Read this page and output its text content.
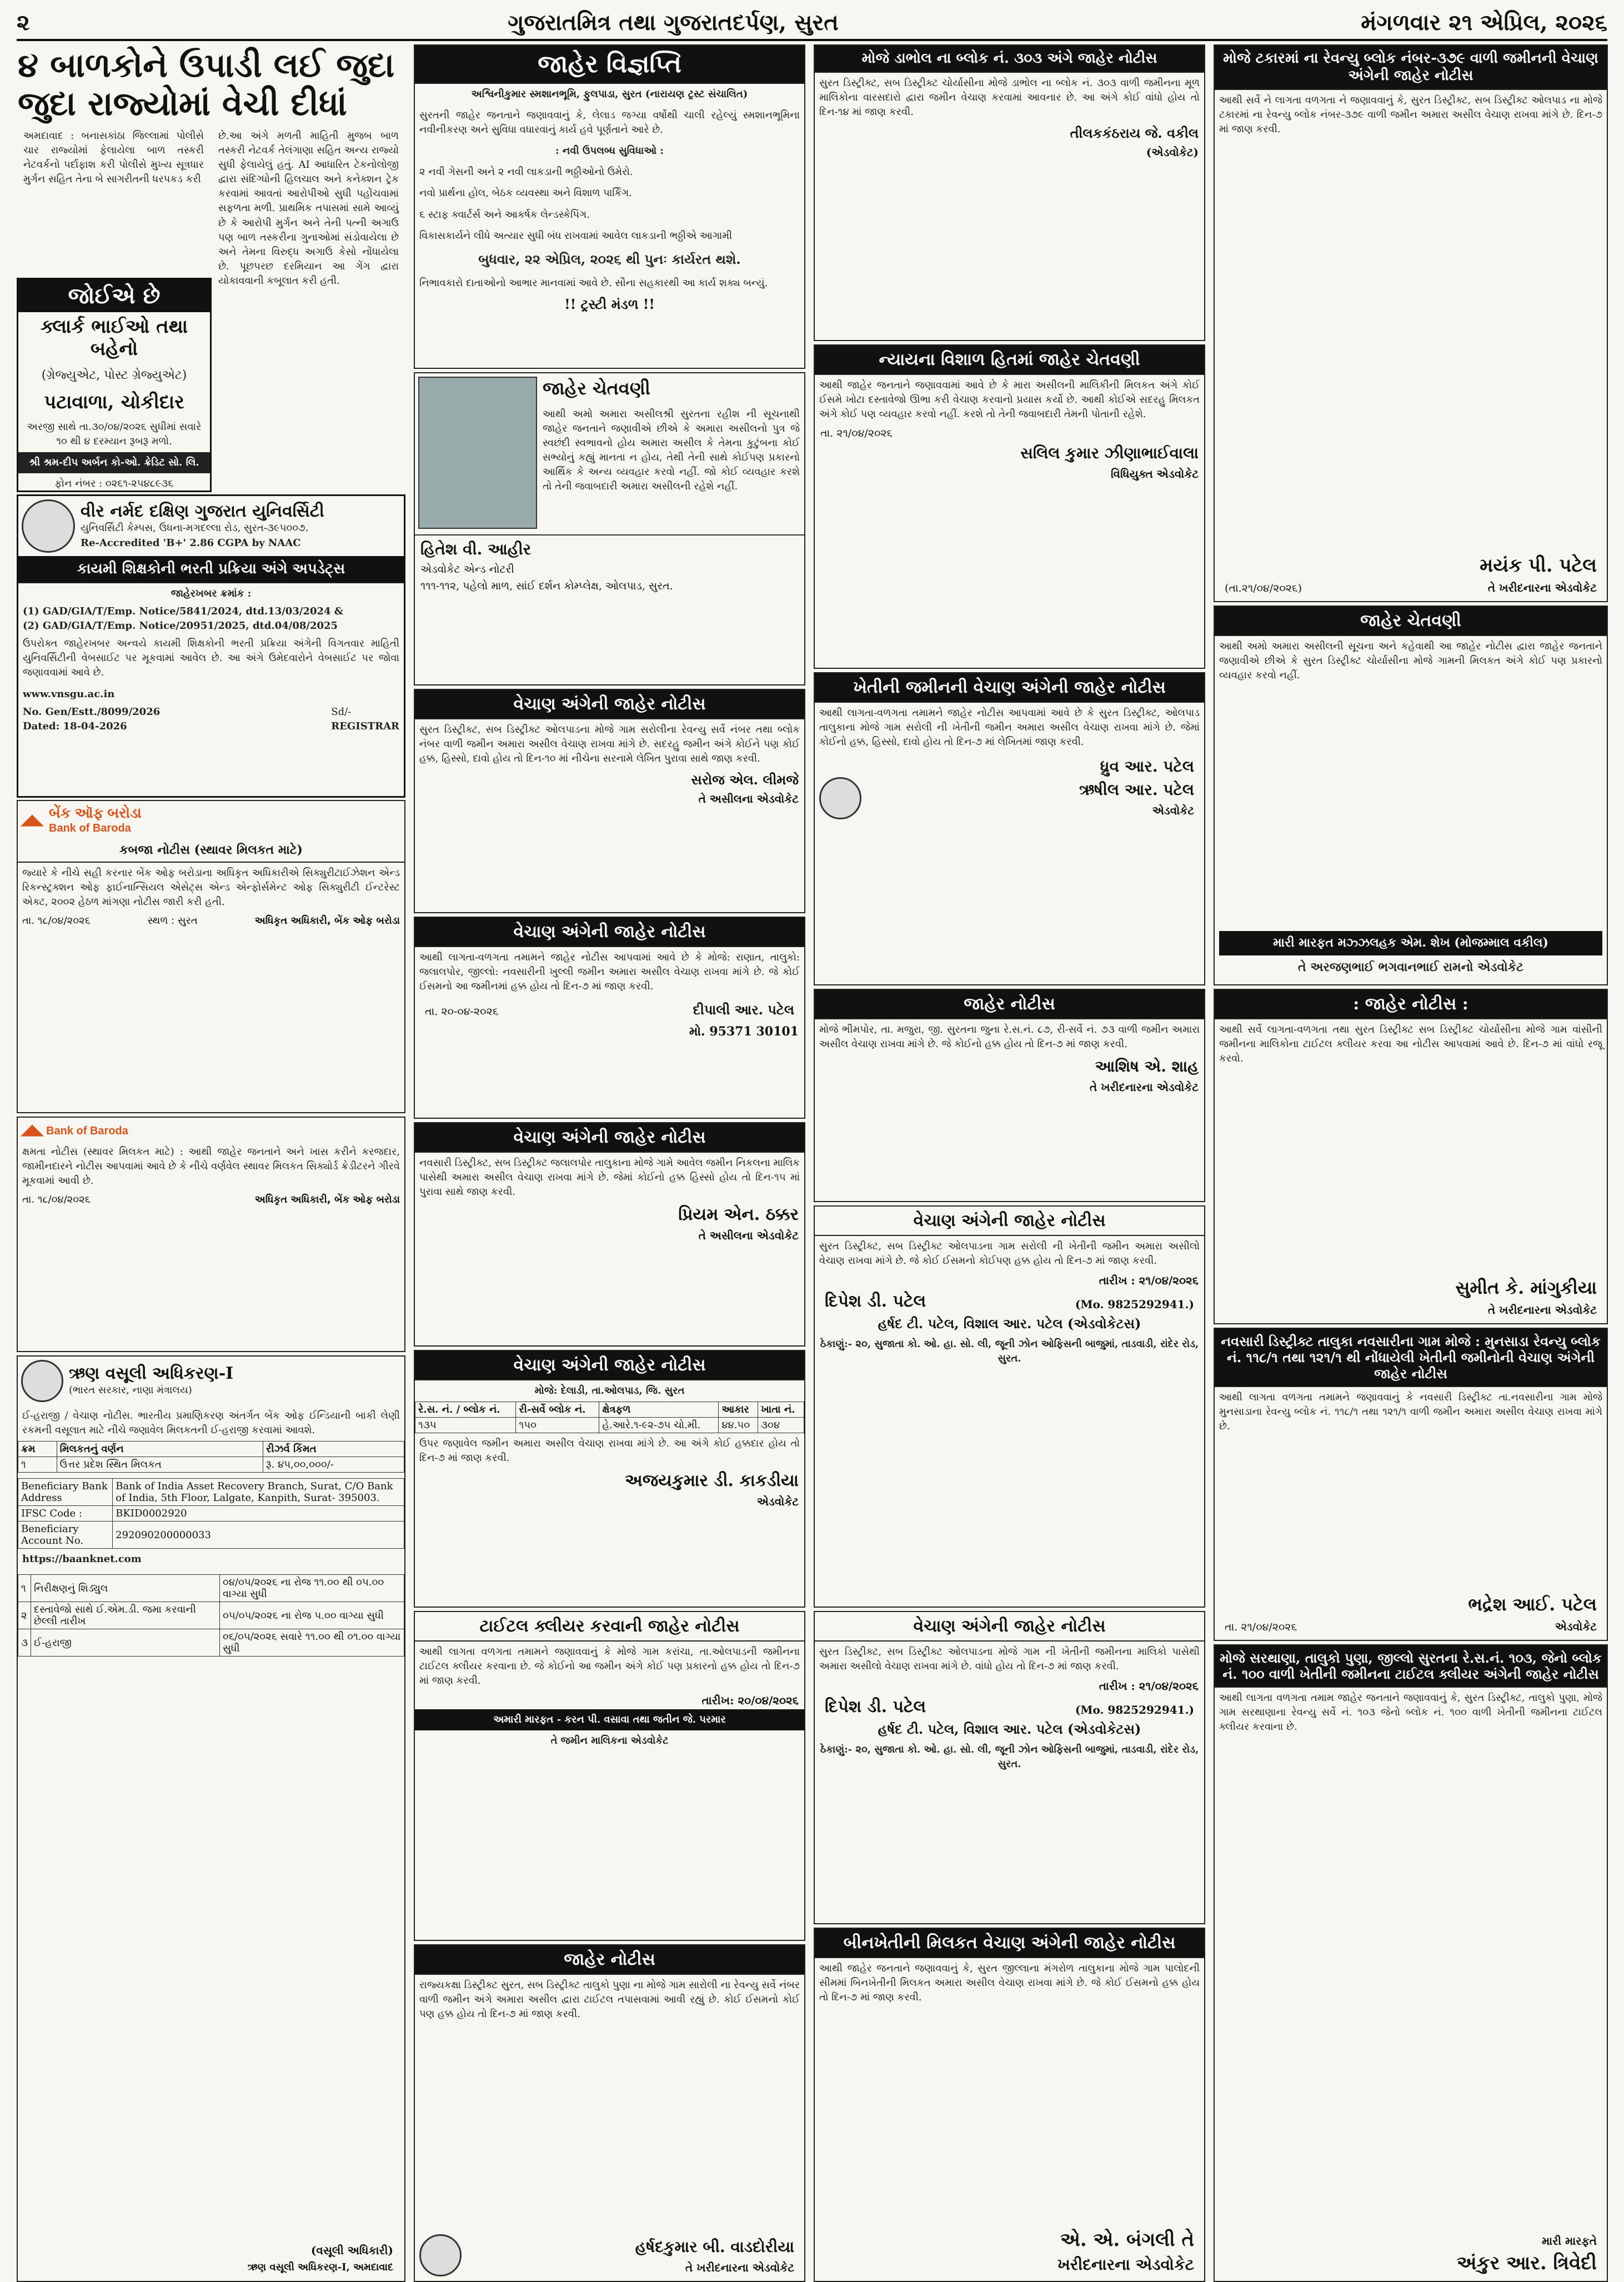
૨	ગુજરાતમિત્ર તથા ગુજરાતદર્પણ, સુરત	મંગળવાર ૨૧ એપ્રિલ, ૨૦૨૬
૪ બાળકોને ઉપાડી લઈ જુદા જુદા રાજ્યોમાં વેચી દીધાં
અમદાવાદ : બનાસકાંઠા જિલ્લામાં પોલીસે ચાર રાજ્યોમાં ફેલાયેલા બાળ તસ્કરી નેટવર્કનો પર્દાફાશ કરી પોલીસે મુખ્ય સૂત્રધાર મુર્ગન સહિત તેના બે સાગરીતની ધરપકડ કરી
છે.આ અંગે મળતી માહિતી મુજબ બાળ તસ્કરી નેટવર્ક તેલંગાણા સહિત અન્ય રાજ્યો સુધી ફેલાયેલું હતું. AI આધારિત ટેકનોલોજી દ્વારા સંદિગ્ધોની હિલચાલ અને કનેક્શન ટ્રેક કરવામાં આવતાં આરોપીઓ સુધી પહોંચવામાં સફળતા મળી. પ્રાથમિક તપાસમાં સામે આવ્યું છે કે આરોપી મુર્ગન અને તેની પત્ની અગાઉ પણ બાળ તસ્કરીના ગુનાઓમાં સંડોવાયેલા છે અને તેમના વિરુદ્ધ અગાઉ કેસો નોંધાયેલા છે. પૂછપરછ દરમિયાન આ ગેંગ દ્વારા યોકાવવાની કબૂલાત કરી હતી.
જોઈએ છે
ક્લાર્ક ભાઈઓ તથા બહેનો
(ગ્રેજ્યુએટ, પોસ્ટ ગ્રેજ્યુએટ)
પટાવાળા, ચોકીદાર
અરજી સાથે તા.૩૦/૦૪/૨૦૨૬ સુધીમાં સવારે ૧૦ થી ૪ દરમ્યાન રૂબરૂ મળો.
શ્રી શ્રમ-દીપ અર્બન કો-ઓ. ક્રેડિટ સો. લિ.
ફોન નંબર : ૦૨૬૧-૨૫૪૮૯૩૬
વીર નર્મદ દક્ષિણ ગુજરાત યુનિવર્સિટી
યુનિવર્સિટી કેમ્પસ, ઉધના-મગદલ્લા રોડ, સુરત-૩૯૫૦૦૭.
Re-Accredited 'B+' 2.86 CGPA by NAAC
કાયમી શિક્ષકોની ભરતી પ્રક્રિયા અંગે અપડેટ્સ
જાહેરખબર ક્રમાંક :
(1) GAD/GIA/T/Emp. Notice/5841/2024, dtd.13/03/2024 &
(2) GAD/GIA/T/Emp. Notice/20951/2025, dtd.04/08/2025
ઉપરોક્ત જાહેરખબર અન્વયે કાયમી શિક્ષકોની ભરતી પ્રક્રિયા અંગેની વિગતવાર માહિતી યુનિવર્સિટીની વેબસાઈટ પર મૂકવામાં આવેલ છે. આ અંગે ઉમેદવારોને વેબસાઈટ પર જોવા જણાવવામાં આવે છે.
www.vnsgu.ac.in
No. Gen/Estt./8099/2026
Dated: 18-04-2026
Sd/-
REGISTRAR
◢◣ બેંક ઑફ બરોડા
Bank of Baroda
કબજા નોટીસ (સ્થાવર મિલકત માટે)
જ્યારે કે નીચે સહી કરનાર બેંક ઓફ બરોડાના અધિકૃત અધિકારીએ સિક્યુરીટાઈઝેશન એન્ડ રિકન્સ્ટ્રક્શન ઓફ ફાઈનાન્સિયલ એસેટ્સ એન્ડ એન્ફોર્સમેન્ટ ઓફ સિક્યુરીટી ઈન્ટરેસ્ટ એક્ટ, ૨૦૦૨ હેઠળ માંગણા નોટીસ જારી કરી હતી.
તા. ૧૮/૦૪/૨૦૨૬	સ્થળ : સુરત	અધિકૃત અધિકારી, બેંક ઓફ બરોડા
◢◣ Bank of Baroda
ક્ષમતા નોટીસ (સ્થાવર મિલકત માટે) : આથી જાહેર જનતાને અને ખાસ કરીને કરજદાર, જામીનદારને નોટીસ આપવામાં આવે છે કે નીચે વર્ણવેલ સ્થાવર મિલકત સિક્યોર્ડ ક્રેડીટરને ગીરવે મૂકવામાં આવી છે.
તા. ૧૮/૦૪/૨૦૨૬	અધિકૃત અધિકારી, બેંક ઓફ બરોડા
ઋણ વસૂલી અધિકરણ-I
(ભારત સરકાર, નાણા મંત્રાલય)
ઈ-હરાજી / વેચાણ નોટીસ. ભારતીય પ્રમાણિકરણ અંતર્ગત બેંક ઓફ ઈન્ડિયાની બાકી લેણી રકમની વસૂલાત માટે નીચે જણાવેલ મિલકતની ઈ-હરાજી કરવામાં આવશે.
ક્રમ	મિલકતનું વર્ણન	રીઝર્વ કિંમત
૧	ઉત્તર પ્રદેશ સ્થિત મિલકત	રૂ. ૪૫,૦૦,૦૦૦/-
Beneficiary Bank Address	Bank of India Asset Recovery Branch, Surat, C/O Bank of India, 5th Floor, Lalgate, Kanpith, Surat- 395003.
IFSC Code :	BKID0002920
Beneficiary Account No.	292090200000033
https://baanknet.com
૧	નિરીક્ષણનું શિડ્યુલ	૦૪/૦૫/૨૦૨૬ ના રોજ ૧૧.૦૦ થી ૦૫.૦૦ વાગ્યા સુધી
૨	દસ્તાવેજો સાથે ઈ.એમ.ડી. જમા કરવાની છેલ્લી તારીખ	૦૫/૦૫/૨૦૨૬ ના રોજ ૫.૦૦ વાગ્યા સુધી
૩	ઈ-હરાજી	૦૬/૦૫/૨૦૨૬ સવારે ૧૧.૦૦ થી ૦૧.૦૦ વાગ્યા સુધી
(વસૂલી અધિકારી)
ઋણ વસૂલી અધિકરણ-I, અમદાવાદ
જાહેર વિજ્ઞપ્તિ
અશ્વિનીકુમાર સ્મશાનભૂમિ, ફુલપાડા, સુરત (નારાયણ ટ્રસ્ટ સંચાલિત)
સુરતની જાહેર જનતાને જણાવવાનું કે, લેલાડ જગ્યા વર્ષોથી ચાલી રહેલ્યું સ્મશાનભૂમિના નવીનીકરણ અને સુવિધા વધારવાનું કાર્ય હવે પૂર્ણતાને આરે છે.
: નવી ઉપલબ્ધ સુવિધાઓ :
૨ નવી ગેસની અને ૨ નવી લાકડાની ભઠ્ઠીઓનો ઉમેરો.
નવો પ્રાર્થના હોલ, બેઠક વ્યવસ્થા અને વિશાળ પાર્કિંગ.
૬ સ્ટાફ ક્વાર્ટર્સ અને આકર્ષક લેન્ડસ્કેપિંગ.
વિકાસકાર્યને લીધે અત્યાર સુધી બંધ રાખવામાં આવેલ લાકડાની ભઠ્ઠીએ આગામી
બુધવાર, ૨૨ એપ્રિલ, ૨૦૨૬ થી પુનઃ કાર્યરત થશે.
નિભાવકારો દાતાઓનો આભાર માનવામાં આવે છે. સૌના સહકારથી આ કાર્ય શક્ય બન્યું.
!! ટ્રસ્ટી મંડળ !!
જાહેર ચેતવણી
આથી અમો અમારા અસીલશ્રી સુરતના રહીશ ની સૂચનાથી જાહેર જનતાને જણાવીએ છીએ કે અમારા અસીલનો પુત્ર જે સ્વછંદી સ્વભાવનો હોય અમારા અસીલ કે તેમના કુટુંબના કોઈ સભ્યોનું કહ્યું માનતા ન હોય, તેથી તેની સાથે કોઈપણ પ્રકારનો આર્થિક કે અન્ય વ્યવહાર કરવો નહીં. જો કોઈ વ્યવહાર કરશે તો તેની જવાબદારી અમારા અસીલની રહેશે નહીં.
હિતેશ વી. આહીર
એડવોકેટ એન્ડ નોટરી
૧૧૧-૧૧૨, પહેલો માળ, સાંઈ દર્શન કોમ્પ્લેક્ષ, ઓલપાડ, સુરત.
વેચાણ અંગેની જાહેર નોટીસ
સુરત ડિસ્ટ્રીક્ટ, સબ ડિસ્ટ્રીક્ટ ઓલપાડના મોજે ગામ સરોલીના રેવન્યુ સર્વે નંબર તથા બ્લોક નંબર વાળી જમીન અમારા અસીલ વેચાણ રાખવા માંગે છે. સદરહુ જમીન અંગે કોઈને પણ કોઈ હક્ક, હિસ્સો, દાવો હોય તો દિન-૧૦ માં નીચેના સરનામે લેખિત પુરાવા સાથે જાણ કરવી.
સરોજ એલ. લીમજે
તે અસીલના એડવોકેટ
વેચાણ અંગેની જાહેર નોટીસ
આથી લાગતા-વળગતા તમામને જાહેર નોટીસ આપવામાં આવે છે કે મોજે: રાણાત, તાલુકો: જલાલપોર, જીલ્લો: નવસારીની ખુલ્લી જમીન અમારા અસીલ વેચાણ રાખવા માંગે છે. જે કોઈ ઈસમનો આ જમીનમાં હક્ક હોય તો દિન-૭ માં જાણ કરવી.
તા. ૨૦-૦૪-૨૦૨૬	દીપાલી આર. પટેલ
મો. 95371 30101
વેચાણ અંગેની જાહેર નોટીસ
નવસારી ડિસ્ટ્રીક્ટ, સબ ડિસ્ટ્રીક્ટ જલાલપોર તાલુકાના મોજે ગામે આવેલ જમીન નિકલના માલિક પાસેથી અમારા અસીલ વેચાણ રાખવા માંગે છે. જેમાં કોઈનો હક્ક હિસ્સો હોય તો દિન-૧૫ માં પુરાવા સાથે જાણ કરવી.
પ્રિયમ એન. ઠક્કર
તે અસીલના એડવોકેટ
વેચાણ અંગેની જાહેર નોટીસ
મોજે: દેલાડી, તા.ઓલપાડ, જિ. સુરત
રે.સ. નં. / બ્લોક નં.	રી-સર્વે બ્લોક નં.	ક્ષેત્રફળ	આકાર	ખાતા નં.
૧૩૫	૧૫૦	હે.આરે.૧-૯૨-૭૫ ચો.મી.	૪૪.૫૦	૩૦૪
ઉપર જણાવેલ જમીન અમારા અસીલ વેચાણ રાખવા માંગે છે. આ અંગે કોઈ હક્કદાર હોય તો દિન-૭ માં જાણ કરવી.
અજયકુમાર ડી. કાકડીયા
એડવોકેટ
ટાઈટલ ક્લીયર કરવાની જાહેર નોટીસ
આથી લાગતા વળગતા તમામને જણાવવાનું કે મોજે ગામ કરાંચા, તા.ઓલપાડની જમીનના ટાઈટલ ક્લીયર કરવાના છે. જે કોઈનો આ જમીન અંગે કોઈ પણ પ્રકારનો હક્ક હોય તો દિન-૭ માં જાણ કરવી.
તારીખ: ૨૦/૦૪/૨૦૨૬
અમારી મારફત - કરન પી. વસાવા તથા જતીન જે. પરમાર
તે જમીન માલિકના એડવોકેટ
જાહેર નોટીસ
રાજ્યકક્ષા ડિસ્ટ્રીક્ટ સુરત, સબ ડિસ્ટ્રીક્ટ તાલુકો પુણા ના મોજે ગામ સારોલી ના રેવન્યુ સર્વે નંબર વાળી જમીન અંગે અમારા અસીલ દ્વારા ટાઈટલ તપાસવામાં આવી રહ્યું છે. કોઈ ઈસમનો કોઈ પણ હક્ક હોય તો દિન-૭ માં જાણ કરવી.
હર્ષદકુમાર બી. વાડદોરીયા
તે ખરીદનારના એડવોકેટ
મોજે ડાભોલ ના બ્લોક નં. ૩૦૩ અંગે જાહેર નોટીસ
સુરત ડિસ્ટ્રીક્ટ, સબ ડિસ્ટ્રીક્ટ ચોર્યાસીના મોજે ડાભોલ ના બ્લોક નં. ૩૦૩ વાળી જમીનના મૂળ માલિકોના વારસદારો દ્વારા જમીન વેચાણ કરવામાં આવનાર છે. આ અંગે કોઈ વાંધો હોય તો દિન-૧૪ માં જાણ કરવી.
તીલકકંઠરાય જે. વકીલ
(એડવોકેટ)
ન્યાયના વિશાળ હિતમાં જાહેર ચેતવણી
આથી જાહેર જનતાને જણાવવામાં આવે છે કે મારા અસીલની માલિકીની મિલકત અંગે કોઈ ઈસમે ખોટા દસ્તાવેજો ઊભા કરી વેચાણ કરવાનો પ્રયાસ કર્યો છે. આથી કોઈએ સદરહુ મિલકત અંગે કોઈ પણ વ્યવહાર કરવો નહીં. કરશે તો તેની જવાબદારી તેમની પોતાની રહેશે.
તા. ૨૧/૦૪/૨૦૨૬
સલિલ કુમાર ઝીણાભાઈવાલા
વિધિયુક્ત એડવોકેટ
ખેતીની જમીનની વેચાણ અંગેની જાહેર નોટીસ
આથી લાગતા-વળગતા તમામને જાહેર નોટીસ આપવામાં આવે છે કે સુરત ડિસ્ટ્રીક્ટ, ઓલપાડ તાલુકાના મોજે ગામ સરોલી ની ખેતીની જમીન અમારા અસીલ વેચાણ રાખવા માંગે છે. જેમાં કોઈનો હક્ક, હિસ્સો, દાવો હોય તો દિન-૭ માં લેખિતમાં જાણ કરવી.
ધ્રુવ આર. પટેલ
ઋષીલ આર. પટેલ
એડવોકેટ
જાહેર નોટીસ
મોજે ભીમપોર, તા. મજુરા, જી. સુરતના જુના રે.સ.નં. ૮૭, રી-સર્વે નં. ૭૩ વાળી જમીન અમારા અસીલ વેચાણ રાખવા માંગે છે. જે કોઈનો હક્ક હોય તો દિન-૭ માં જાણ કરવી.
આશિષ એ. શાહ
તે ખરીદનારના એડવોકેટ
વેચાણ અંગેની જાહેર નોટીસ
સુરત ડિસ્ટ્રીક્ટ, સબ ડિસ્ટ્રીક્ટ ઓલપાડના ગામ સરોલી ની ખેતીની જમીન અમારા અસીલો વેચાણ રાખવા માંગે છે. જે કોઈ ઈસમનો કોઈપણ હક્ક હોય તો દિન-૭ માં જાણ કરવી.
તારીખ : ૨૧/૦૪/૨૦૨૬
દિપેશ ડી. પટેલ	(Mo. 9825292941.)
હર્ષદ ટી. પટેલ, વિશાલ આર. પટેલ (એડવોકેટસ)
ઠેકાણું:- ૨૦, સુજાતા કો. ઓ. હા. સો. લી, જૂની ઝોન ઓફિસની બાજુમાં, તાડવાડી, રાંદેર રોડ, સુરત.
વેચાણ અંગેની જાહેર નોટીસ
સુરત ડિસ્ટ્રીક્ટ, સબ ડિસ્ટ્રીક્ટ ઓલપાડના મોજે ગામ ની ખેતીની જમીનના માલિકો પાસેથી અમારા અસીલો વેચાણ રાખવા માંગે છે. વાંધો હોય તો દિન-૭ માં જાણ કરવી.
તારીખ : ૨૧/૦૪/૨૦૨૬
દિપેશ ડી. પટેલ	(Mo. 9825292941.)
હર્ષદ ટી. પટેલ, વિશાલ આર. પટેલ (એડવોકેટસ)
ઠેકાણું:- ૨૦, સુજાતા કો. ઓ. હા. સો. લી, જૂની ઝોન ઓફિસની બાજુમાં, તાડવાડી, રાંદેર રોડ, સુરત.
બીનખેતીની મિલકત વેચાણ અંગેની જાહેર નોટીસ
આથી જાહેર જનતાને જણાવવાનું કે, સુરત જીલ્લાના મંગરોળ તાલુકાના મોજે ગામ પાલોદની સીમમાં બિનખેતીની મિલકત અમારા અસીલ વેચાણ રાખવા માંગે છે. જે કોઈ ઈસમનો હક્ક હોય તો દિન-૭ માં જાણ કરવી.
એ. એ. બંગલી તે
ખરીદનારના એડવોકેટ
મોજે ટકારમાં ના રેવન્યુ બ્લોક નંબર-૩૭૯ વાળી જમીનની વેચાણ અંગેની જાહેર નોટીસ
આથી સર્વે ને લાગતા વળગતા ને જણાવવાનું કે, સુરત ડિસ્ટ્રીક્ટ, સબ ડિસ્ટ્રીક્ટ ઓલપાડ ના મોજે ટકારમાં ના રેવન્યુ બ્લોક નંબર-૩૭૯ વાળી જમીન અમારા અસીલ વેચાણ રાખવા માંગે છે. દિન-૭ માં જાણ કરવી.
(તા.૨૧/૦૪/૨૦૨૬)
મયંક પી. પટેલ
તે ખરીદનારના એડવોકેટ
જાહેર ચેતવણી
આથી અમો અમારા અસીલની સૂચના અને કહેવાથી આ જાહેર નોટીસ દ્વારા જાહેર જનતાને જણાવીએ છીએ કે સુરત ડિસ્ટ્રીક્ટ ચોર્યાસીના મોજે ગામની મિલકત અંગે કોઈ પણ પ્રકારનો વ્યવહાર કરવો નહીં.
મારી મારફત મઝ્ઝલહક એમ. શેખ (મોજમ્માલ વકીલ)
તે અરજણભાઈ ભગવાનભાઈ રામનો એડવોકેટ
: જાહેર નોટીસ :
આથી સર્વે લાગતા-વળગતા તથા સુરત ડિસ્ટ્રીક્ટ સબ ડિસ્ટ્રીક્ટ ચોર્યાસીના મોજે ગામ વાંસીની જમીનના માલિકોના ટાઈટલ ક્લીયર કરવા આ નોટીસ આપવામાં આવે છે. દિન-૭ માં વાંધો રજૂ કરવો.
સુમીત કે. માંગુકીયા
તે ખરીદનારના એડવોકેટ
નવસારી ડિસ્ટ્રીક્ટ તાલુકા નવસારીના ગામ મોજે : મુનસાડા રેવન્યુ બ્લોક નં. ૧૧૮/૧ તથા ૧૨૧/૧ થી નોંધાયેલી ખેતીની જમીનોની વેચાણ અંગેની જાહેર નોટીસ
આથી લાગતા વળગતા તમામને જણાવવાનું કે નવસારી ડિસ્ટ્રીક્ટ તા.નવસારીના ગામ મોજે મુનસાડાના રેવન્યુ બ્લોક નં. ૧૧૮/૧ તથા ૧૨૧/૧ વાળી જમીન અમારા અસીલ વેચાણ રાખવા માંગે છે.
તા. ૨૧/૦૪/૨૦૨૬
ભદ્રેશ આઈ. પટેલ
એડવોકેટ
મોજે સરથાણા, તાલુકો પુણા, જીલ્લો સુરતના રે.સ.નં. ૧૦૩, જેનો બ્લોક નં. ૧૦૦ વાળી ખેતીની જમીનના ટાઈટલ ક્લીયર અંગેની જાહેર નોટીસ
આથી લાગતા વળગતા તમામ જાહેર જનતાને જણાવવાનું કે, સુરત ડિસ્ટ્રીક્ટ, તાલુકો પુણા, મોજે ગામ સરથાણાના રેવન્યુ સર્વે નં. ૧૦૩ જેનો બ્લોક નં. ૧૦૦ વાળી ખેતીની જમીનના ટાઈટલ ક્લીયર કરવાના છે.
મારી મારફતે
અંકુર આર. ત્રિવેદી
